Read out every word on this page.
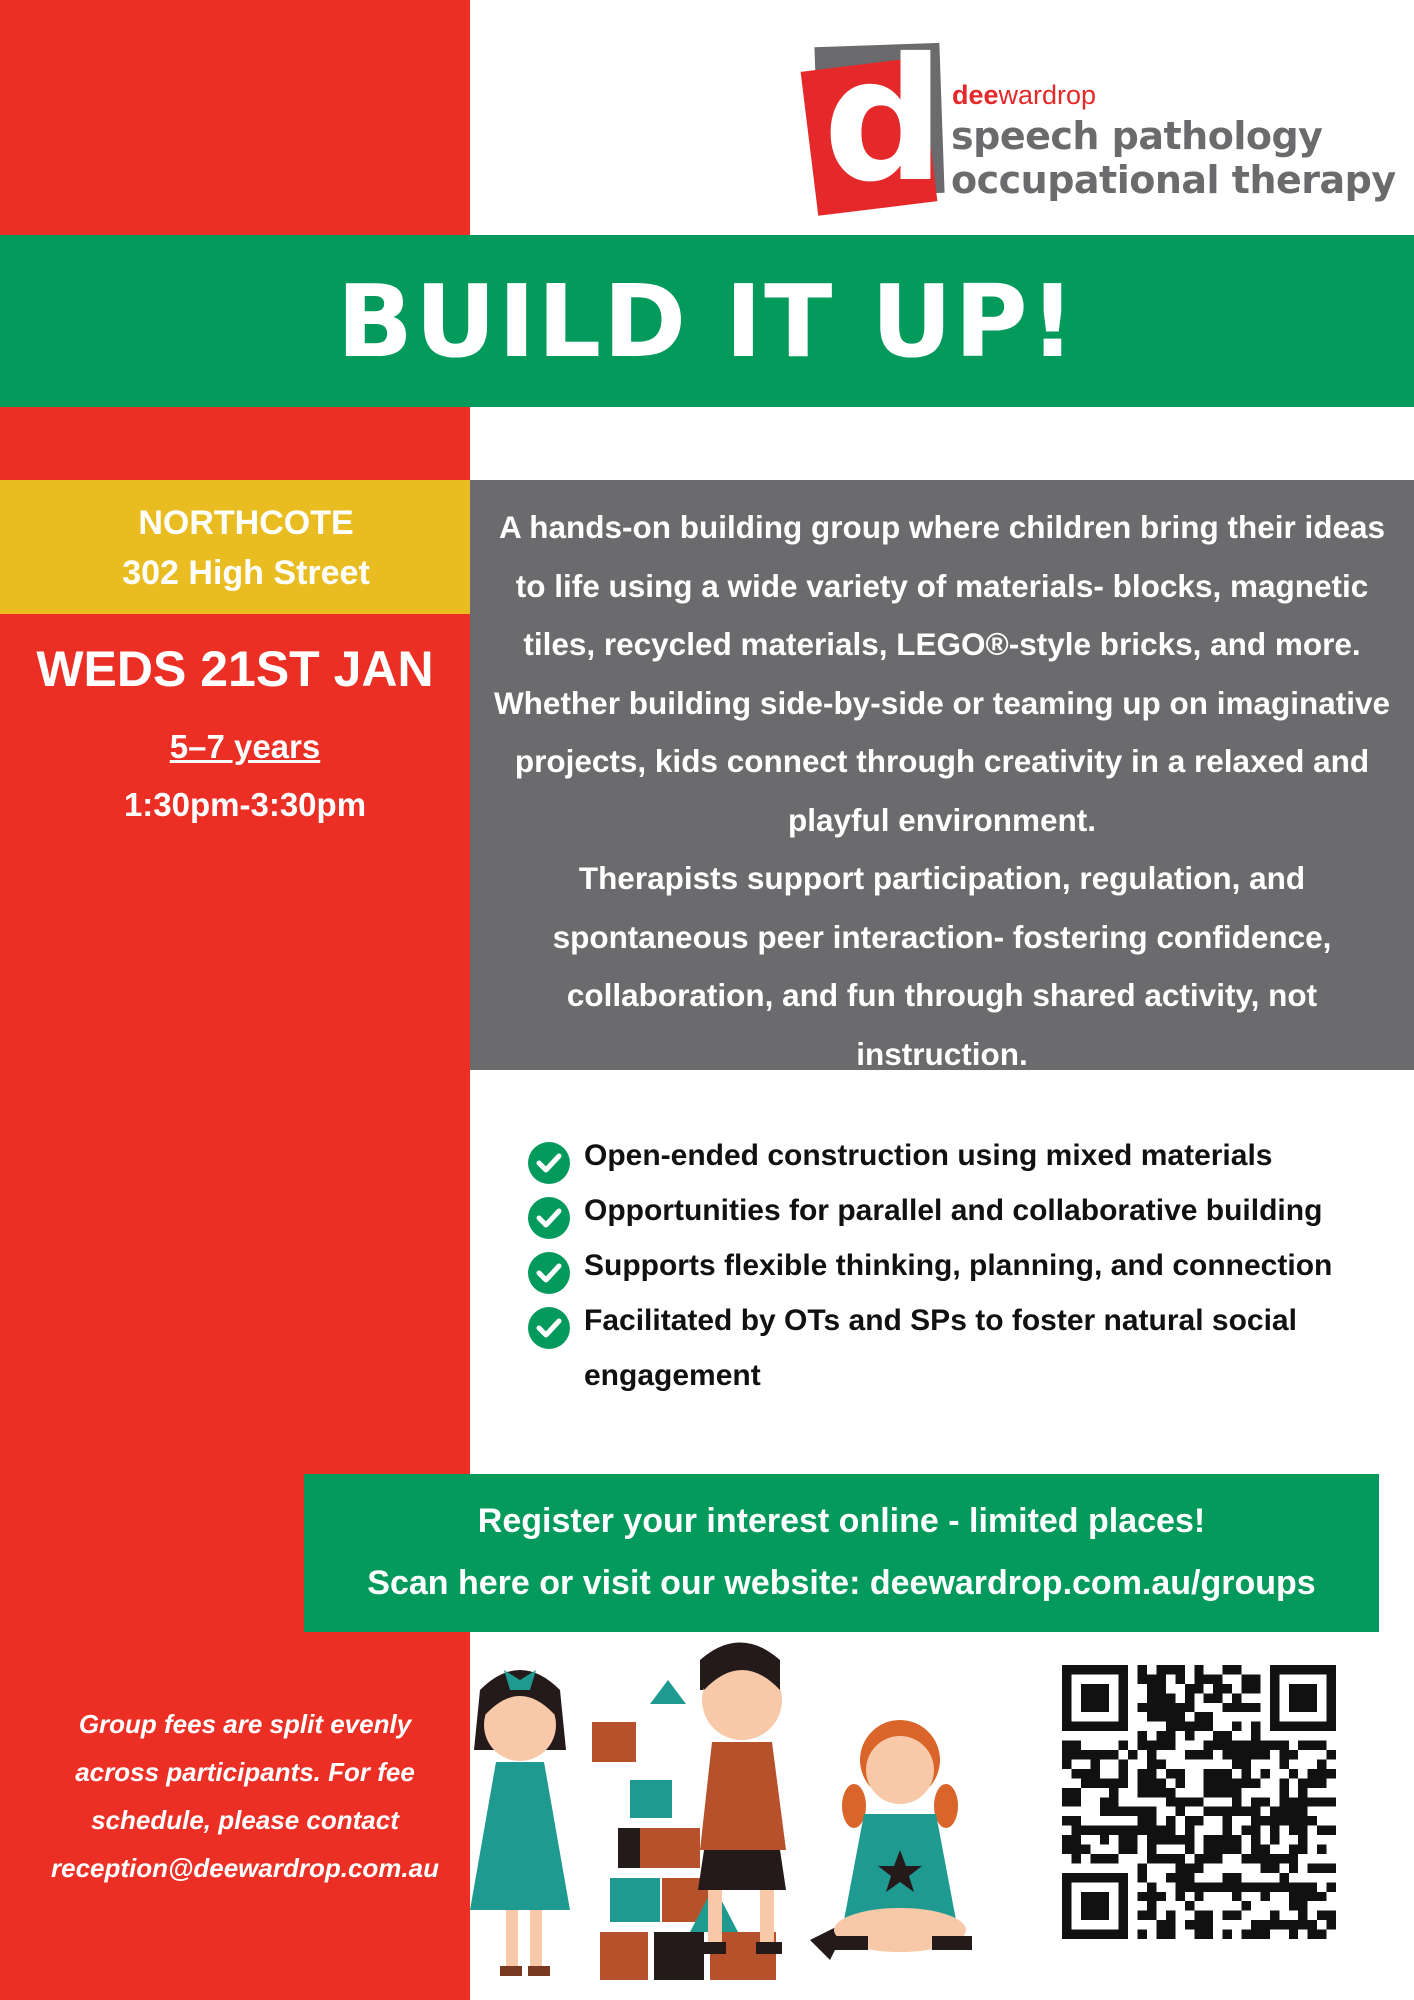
d deewardrop
speech pathology
occupational therapy
BUILD IT UP!
NORTHCOTE
302 High Street
WEDS 21ST JAN
5–7 years
1:30pm-3:30pm

A hands-on building group where children bring their ideas to life using a wide variety of materials- blocks, magnetic tiles, recycled materials, LEGO®-style bricks, and more. Whether building side-by-side or teaming up on imaginative projects, kids connect through creativity in a relaxed and playful environment.

Therapists support participation, regulation, and spontaneous peer interaction- fostering confidence, collaboration, and fun through shared activity, not instruction.

Open-ended construction using mixed materials
Opportunities for parallel and collaborative building
Supports flexible thinking, planning, and connection
Facilitated by OTs and SPs to foster natural social engagement
Register your interest online - limited places!
Scan here or visit our website: deewardrop.com.au/groups
Group fees are split evenly
across participants. For fee
schedule, please contact
reception@deewardrop.com.au
